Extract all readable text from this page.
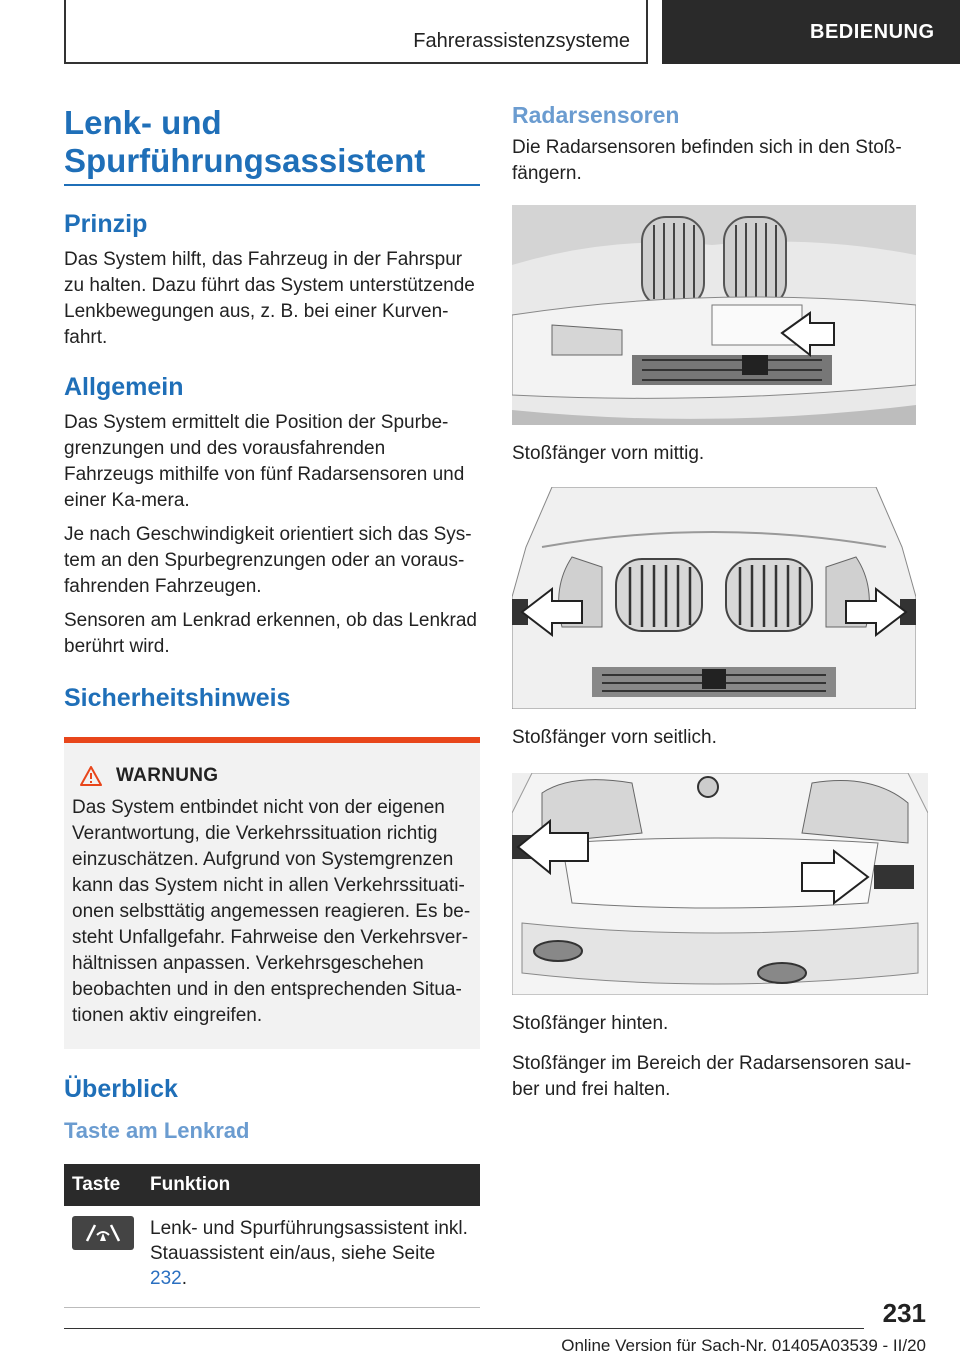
Fahrerassistenzsysteme	BEDIENUNG
Lenk- und
Spurführungsassistent
Prinzip

Das System hilft, das Fahrzeug in der Fahrspur zu halten. Dazu führt das System unterstützende Lenkbewegungen aus, z. B. bei einer Kurven-fahrt.

Allgemein

Das System ermittelt die Position der Spurbe-grenzungen und des vorausfahrenden Fahrzeugs mithilfe von fünf Radarsensoren und einer Ka-mera.

Je nach Geschwindigkeit orientiert sich das Sys-tem an den Spurbegrenzungen oder an voraus-fahrenden Fahrzeugen.

Sensoren am Lenkrad erkennen, ob das Lenkrad berührt wird.

Sicherheitshinweis
WARNUNG

Das System entbindet nicht von der eigenen Verantwortung, die Verkehrssituation richtig einzuschätzen. Aufgrund von Systemgrenzen kann das System nicht in allen Verkehrssituati-onen selbsttätig angemessen reagieren. Es be-steht Unfallgefahr. Fahrweise den Verkehrsver-hältnissen anpassen. Verkehrsgeschehen beobachten und in den entsprechenden Situa-tionen aktiv eingreifen.

Überblick
Taste am Lenkrad
Taste	Funktion

	Lenk- und Spurführungsassistent inkl. Stauassistent ein/aus, siehe Seite 232.
Radarsensoren

Die Radarsensoren befinden sich in den Stoß-fängern.

Stoßfänger vorn mittig.

Stoßfänger vorn seitlich.

Stoßfänger hinten.

Stoßfänger im Bereich der Radarsensoren sau-ber und frei halten.

231
Online Version für Sach-Nr. 01405A03539 - II/20
